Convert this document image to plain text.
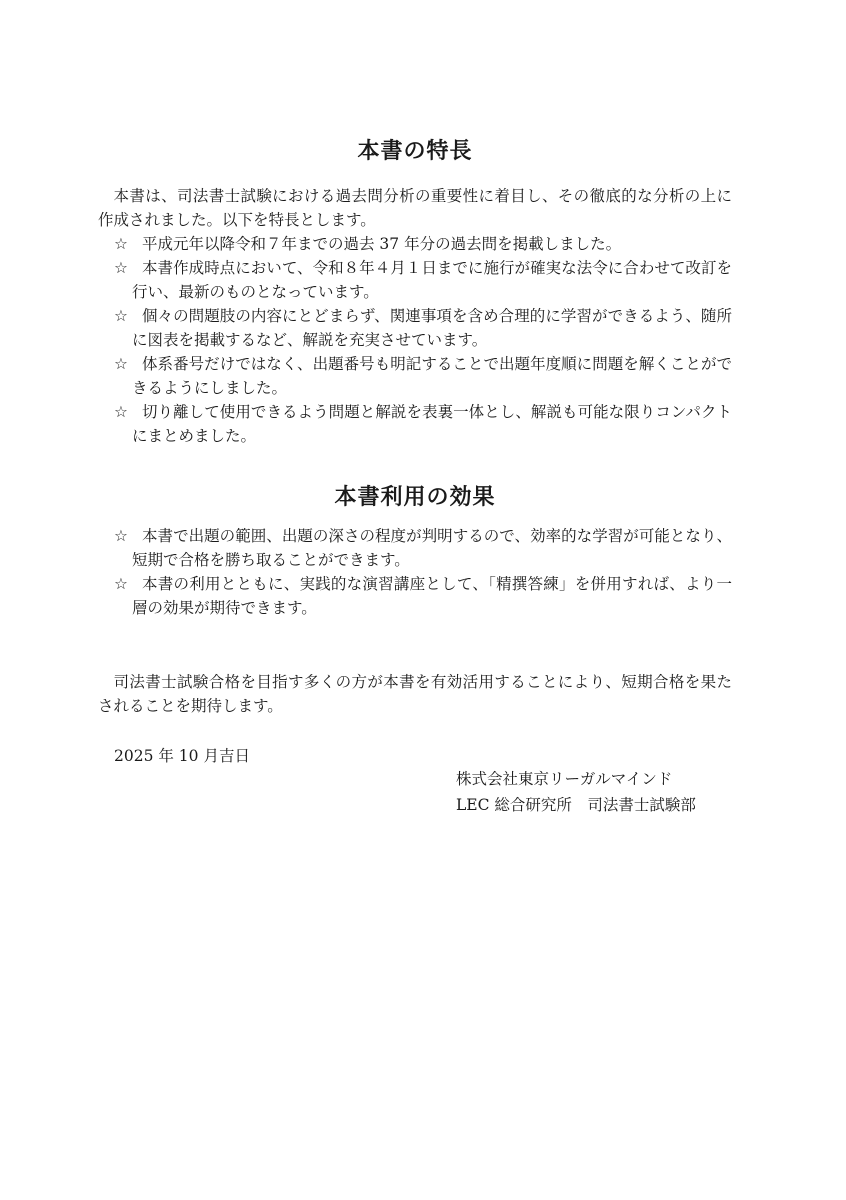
本書の特長

本書は、司法書士試験における過去問分析の重要性に着目し、その徹底的な分析の上に作成されました。以下を特長とします。

☆ 平成元年以降令和７年までの過去 37 年分の過去問を掲載しました。
☆ 本書作成時点において、令和８年４月１日までに施行が確実な法令に合わせて改訂を行い、最新のものとなっています。
☆ 個々の問題肢の内容にとどまらず、関連事項を含め合理的に学習ができるよう、随所に図表を掲載するなど、解説を充実させています。
☆ 体系番号だけではなく、出題番号も明記することで出題年度順に問題を解くことができるようにしました。
☆ 切り離して使用できるよう問題と解説を表裏一体とし、解説も可能な限りコンパクトにまとめました。
本書利用の効果
☆ 本書で出題の範囲、出題の深さの程度が判明するので、効率的な学習が可能となり、短期で合格を勝ち取ることができます。
☆ 本書の利用とともに、実践的な演習講座として、「精撰答練」を併用すれば、より一層の効果が期待できます。

司法書士試験合格を目指す多くの方が本書を有効活用することにより、短期合格を果たされることを期待します。

2025 年 10 月吉日
株式会社東京リーガルマインド
LEC 総合研究所　司法書士試験部
